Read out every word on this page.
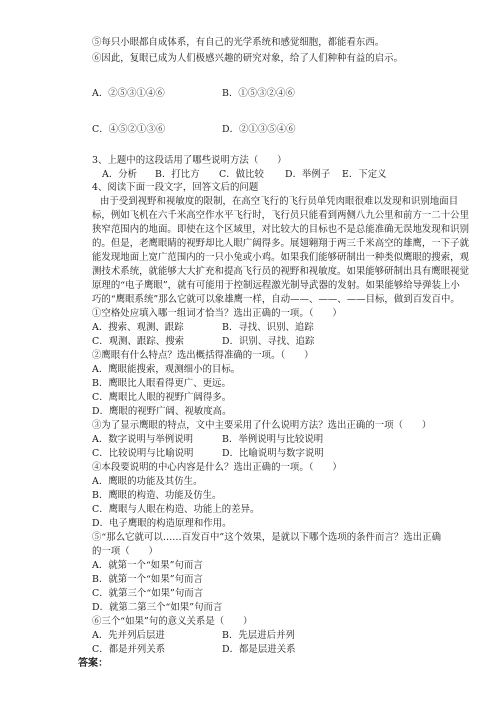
⑤每只小眼都自成体系，有自己的光学系统和感觉细胞，都能看东西。
⑥因此，复眼已成为人们极感兴趣的研究对象，给了人们种种有益的启示。
A．②⑤③①④⑥	B．①⑤③②④⑥
C．④⑤②①③⑥	D．②①③⑤④⑥
3、上题中的这段话用了哪些说明方法（　　）
A．分析 B．打比方 C．做比较 D．举例子 E．下定义
4、阅读下面一段文字，回答文后的问题
由于受到视野和视敏度的限制，在高空飞行的飞行员单凭肉眼很难以发现和识别地面目
标，例如飞机在六千米高空作水平飞行时，飞行员只能看到两侧八九公里和前方一二十公里
狭窄范围内的地面。即使在这个区域里，对比较大的目标也不是总能准确无误地发现和识别
的。但是，老鹰眼睛的视野却比人眼广阔得多。展翅翱翔于两三千米高空的雄鹰，一下子就
能发现地面上宽广范围内的一只小兔或小鸡。如果我们能够研制出一种类似鹰眼的搜索，观
测技术系统，就能够大大扩充和提高飞行员的视野和视敏度。如果能够研制出具有鹰眼视觉
原理的“电子鹰眼”，就有可能用于控制远程激光制导武器的发射。如果能够给导弹装上小
巧的“鹰眼系统”那么它就可以象雄鹰一样，自动——、——、——目标，做到百发百中。
①空格处应填入哪一组词才恰当？选出正确的一项。（　　）
A．搜索、观测、跟踪	B．寻找、识别、追踪
C．观测、跟踪、搜索	D．识别、寻找、追踪
②鹰眼有什么特点？选出概括得准确的一项。（　　）
A．鹰眼能搜索，观测细小的目标。
B．鹰眼比人眼看得更广、更远。
C．鹰眼比人眼的视野广阔得多。
D．鹰眼的视野广阔、视敏度高。
③为了显示鹰眼的特点，文中主要采用了什么说明方法？选出正确的一项（　　）
A．数字说明与举例说明	B．举例说明与比较说明
C．比较说明与比喻说明	D．比喻说明与数字说明
④本段要说明的中心内容是什么？选出正确的一项。（　　）
A．鹰眼的功能及其仿生。
B．鹰眼的构造、功能及仿生。
C．鹰眼与人眼在构造、功能上的差异。
D．电子鹰眼的构造原理和作用。
⑤“那么它就可以……百发百中”这个效果，是就以下哪个选项的条件而言？选出正确
的一项（　　）
A．就第一个“如果”句而言
B．就第一个“如果”句而言
C．就第三个“如果”句而言
D．就第二第三个“如果”句而言
⑥三个“如果”句的意义关系是（　　）
A．先并列后层进	B．先层进后并列
C．都是并列关系	D．都是层进关系
答案：
